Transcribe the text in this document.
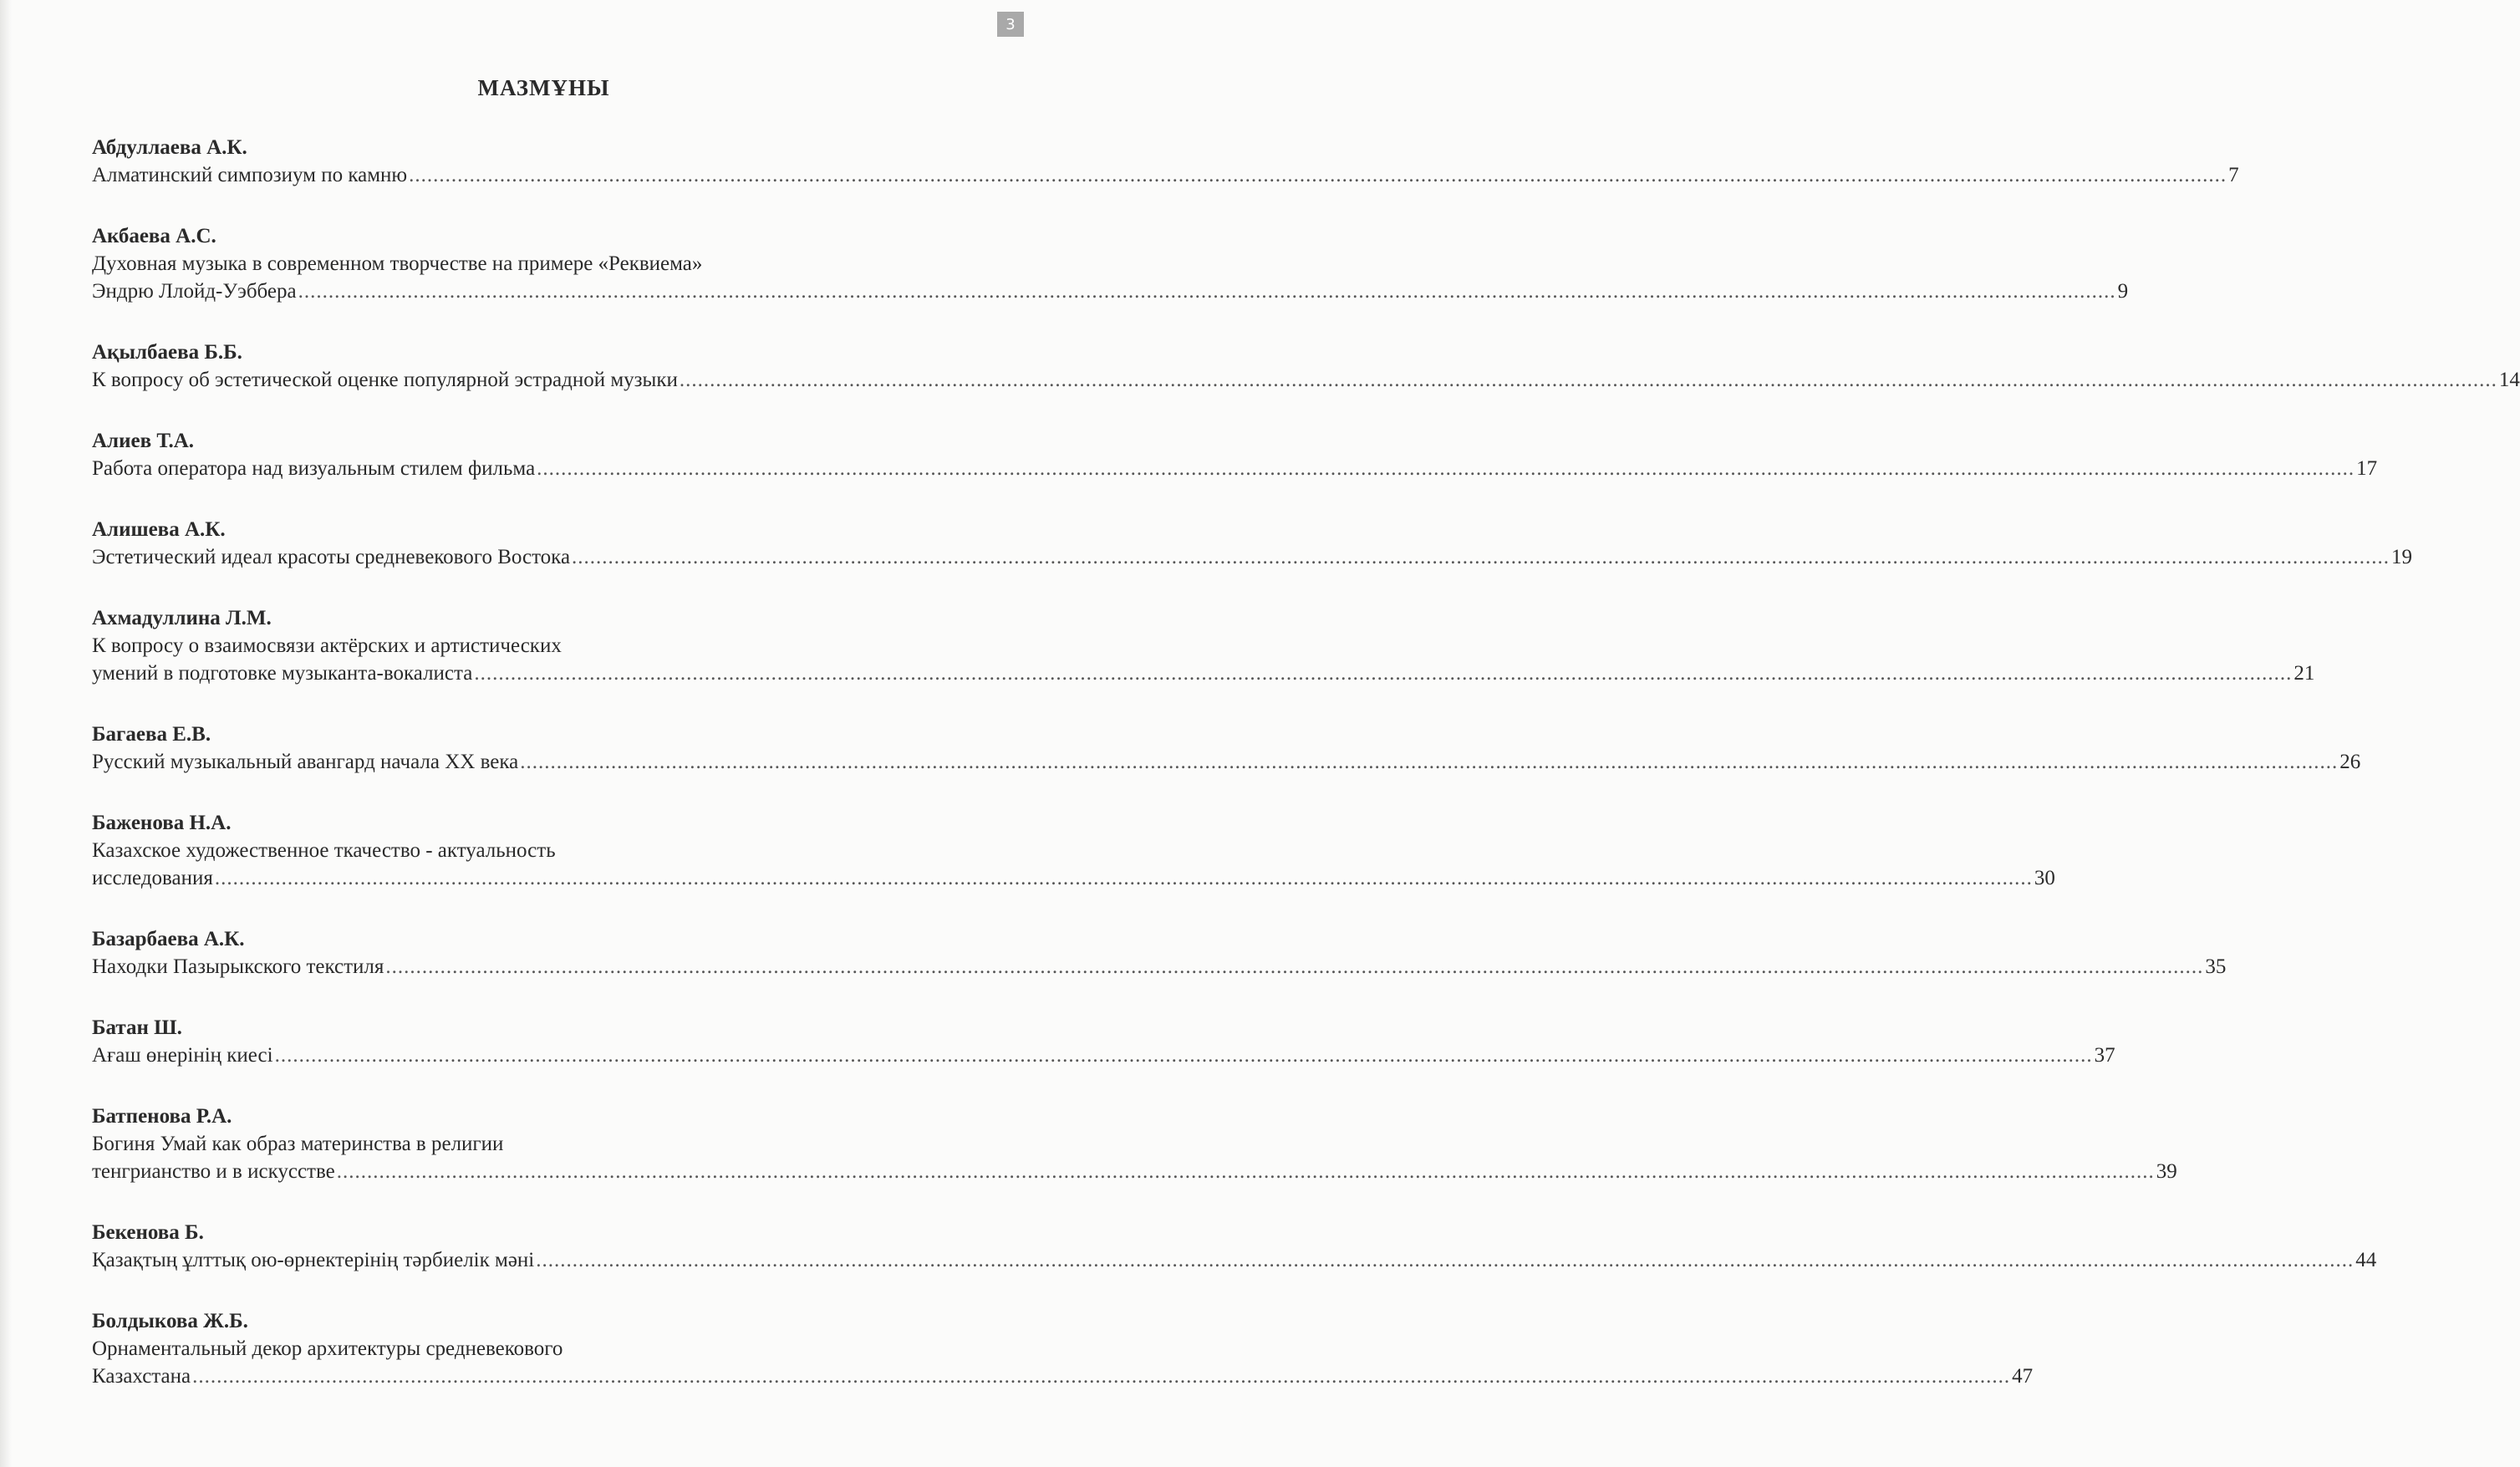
3
МАЗМҰНЫ
Абдуллаева А.К.
Алматинский симпозиум по камню ............................................................................................................................................................................................................................................................................................................ 7
Акбаева А.С.
Духовная музыка в современном творчестве на примере «Реквиема»
Эндрю Ллойд-Уэббера ............................................................................................................................................................................................................................................................................................................ 9
Ақылбаева Б.Б.
К вопросу об эстетической оценке популярной эстрадной музыки ............................................................................................................................................................................................................................................................................................................ 14
Алиев Т.А.
Работа оператора над визуальным стилем фильма ............................................................................................................................................................................................................................................................................................................ 17
Алишева А.К.
Эстетический идеал красоты средневекового Востока ............................................................................................................................................................................................................................................................................................................ 19
Ахмадуллина Л.М.
К вопросу о взаимосвязи актёрских и артистических
умений в подготовке музыканта-вокалиста ............................................................................................................................................................................................................................................................................................................ 21
Багаева Е.В.
Русский музыкальный авангард начала XX века ............................................................................................................................................................................................................................................................................................................ 26
Баженова Н.А.
Казахское художественное ткачество - актуальность
исследования ............................................................................................................................................................................................................................................................................................................ 30
Базарбаева А.К.
Находки Пазырыкского текстиля ............................................................................................................................................................................................................................................................................................................ 35
Батан Ш.
Ағаш өнерінің киесі ............................................................................................................................................................................................................................................................................................................ 37
Батпенова Р.А.
Богиня Умай как образ материнства в религии
тенгрианство и в искусстве ............................................................................................................................................................................................................................................................................................................ 39
Бекенова Б.
Қазақтың ұлттық ою-өрнектерінің тәрбиелік мәні ............................................................................................................................................................................................................................................................................................................ 44
Болдыкова Ж.Б.
Орнаментальный декор архитектуры средневекового
Казахстана ............................................................................................................................................................................................................................................................................................................ 47
